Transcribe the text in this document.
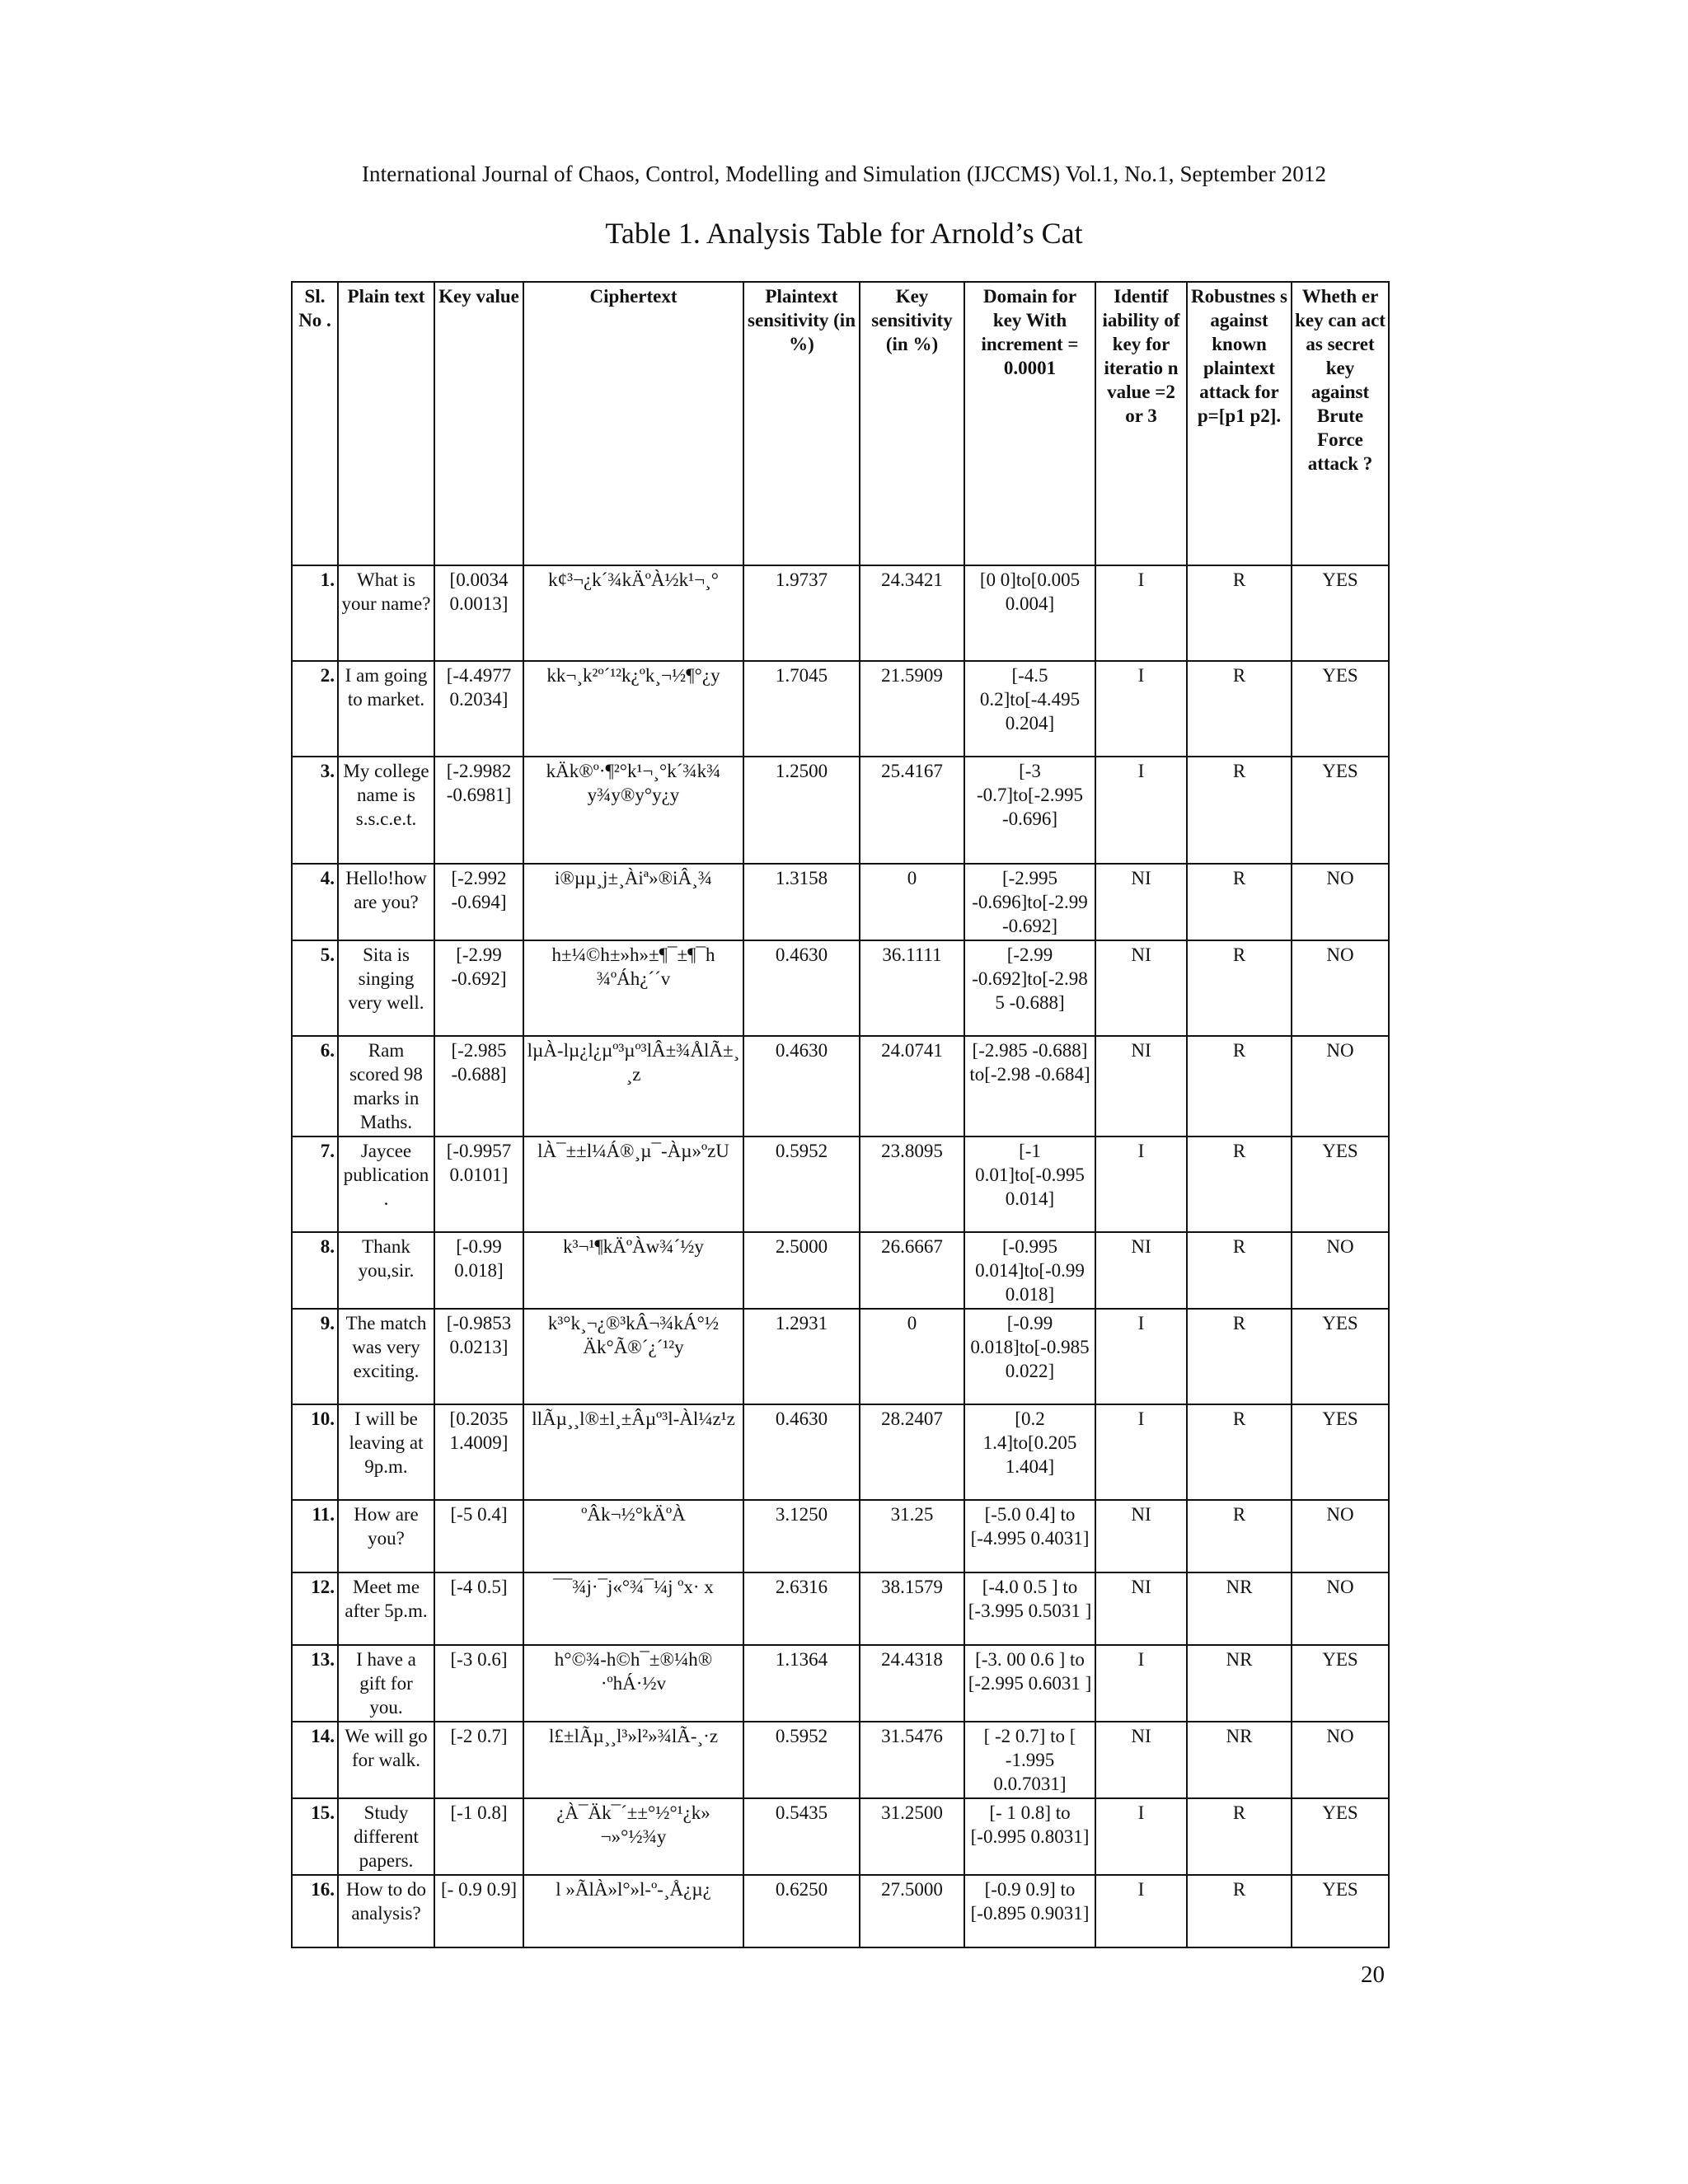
International Journal of Chaos, Control, Modelling and Simulation (IJCCMS) Vol.1, No.1, September 2012
Table 1. Analysis Table for Arnold’s Cat
Sl. No .	Plain text	Key value	Ciphertext	Plaintext sensitivity (in %)	Key sensitivity (in %)	Domain for key With increment = 0.0001	Identif iability of key for iteratio n value =2 or 3	Robustnes s against known plaintext attack for p=[p1 p2].	Wheth er key can act as secret key against Brute Force attack ?
1.	What is your name?	[0.0034 0.0013]	k¢³¬¿k´¾kÄºÀ½k¹¬¸°	1.9737	24.3421	[0 0]to[0.005 0.004]	I	R	YES
2.	I am going to market.	[-4.4977 0.2034]	kk¬¸k²º´¹²k¿ºk¸¬½¶°¿y	1.7045	21.5909	[-4.5 0.2]to[-4.495 0.204]	I	R	YES
3.	My college name is s.s.c.e.t.	[-2.9982 -0.6981]	kÄk®º·¶²°k¹¬¸°k´¾k¾ y¾y®y°y¿y	1.2500	25.4167	[-3 -0.7]to[-2.995 -0.696]	I	R	YES
4.	Hello!how are you?	[-2.992 -0.694]	i®µµ¸j±¸Àiª»®iÂ¸¾	1.3158	0	[-2.995 -0.696]to[-2.99 -0.692]	NI	R	NO
5.	Sita is singing very well.	[-2.99 -0.692]	h±¼©h±»h»±¶¯±¶¯h ¾ºÁh¿´´v	0.4630	36.1111	[-2.99 -0.692]to[-2.985 -0.688]	NI	R	NO
6.	Ram scored 98 marks in Maths.	[-2.985 -0.688]	lµÀ-lµ¿l¿µº³µº³lÂ±¾ÅlÃ±¸ ¸z	0.4630	24.0741	[-2.985 -0.688] to[-2.98 -0.684]	NI	R	NO
7.	Jaycee publication.	[-0.9957 0.0101]	lÀ¯±±l¼Á®¸µ¯-Àµ»ºzU	0.5952	23.8095	[-1 0.01]to[-0.995 0.014]	I	R	YES
8.	Thank you,sir.	[-0.99 0.018]	k³¬¹¶kÄºÀw¾´½y	2.5000	26.6667	[-0.995 0.014]to[-0.99 0.018]	NI	R	NO
9.	The match was very exciting.	[-0.9853 0.0213]	k³°k¸¬¿®³kÂ¬¾kÁ°½ Äk°Ã®´¿´¹²y	1.2931	0	[-0.99 0.018]to[-0.985 0.022]	I	R	YES
10.	I will be leaving at 9p.m.	[0.2035 1.4009]	llÃµ¸¸l®±l¸±Âµº³l-Àl¼z¹z	0.4630	28.2407	[0.2 1.4]to[0.205 1.404]	I	R	YES
11.	How are you?	[-5 0.4]	ºÂk¬½°kÄºÀ	3.1250	31.25	[-5.0 0.4] to [-4.995 0.4031]	NI	R	NO
12.	Meet me after 5p.m.	[-4 0.5]	¯¯¾j·¯j«°¾¯¼j ºx· x	2.6316	38.1579	[-4.0 0.5 ] to [-3.995 0.5031 ]	NI	NR	NO
13.	I have a gift for you.	[-3 0.6]	h°©¾-h©h¯±®¼h® ·ºhÁ·½v	1.1364	24.4318	[-3. 00 0.6 ] to [-2.995 0.6031 ]	I	NR	YES
14.	We will go for walk.	[-2 0.7]	l£±lÃµ¸¸l³»l²»¾lÃ-¸·z	0.5952	31.5476	[ -2 0.7] to [ -1.995 0.0.7031]	NI	NR	NO
15.	Study different papers.	[-1 0.8]	¿À¯Äk¯´±±°½°¹¿k» ¬»°½¾y	0.5435	31.2500	[- 1 0.8] to [-0.995 0.8031]	I	R	YES
16.	How to do analysis?	[- 0.9 0.9]	l »ÃlÀ»l°»l-º-¸Å¿µ¿	0.6250	27.5000	[-0.9 0.9] to [-0.895 0.9031]	I	R	YES
20
